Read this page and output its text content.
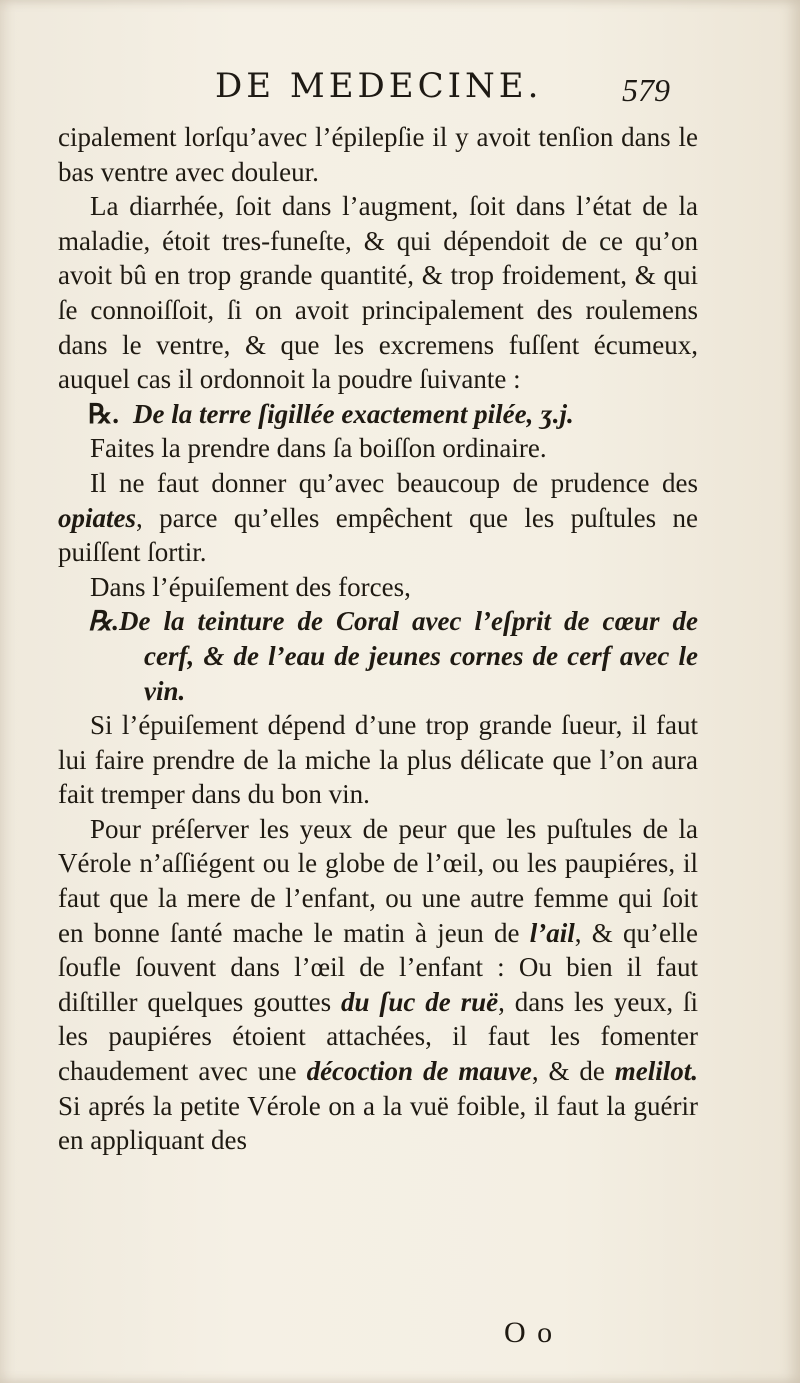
DE MEDECINE. 579

cipalement lorſqu’avec l’épilepſie il y avoit tenſion dans le bas ventre avec douleur.

La diarrhée, ſoit dans l’augment, ſoit dans l’état de la maladie, étoit tres-funeſte, & qui dépendoit de ce qu’on avoit bû en trop grande quantité, & trop froidement, & qui ſe connoiſſoit, ſi on avoit principalement des roulemens dans le ventre, & que les excremens fuſſent écumeux, auquel cas il ordonnoit la poudre ſuivante :

℞. De la terre ſigillée exactement pilée, ʒ.j.

Faites la prendre dans ſa boiſſon ordinaire.

Il ne faut donner qu’avec beaucoup de prudence des opiates, parce qu’elles empêchent que les puſtules ne puiſſent ſortir.

Dans l’épuiſement des forces,

℞.De la teinture de Coral avec l’eſprit de cœur de cerf, & de l’eau de jeunes cornes de cerf avec le vin.

Si l’épuiſement dépend d’une trop grande ſueur, il faut lui faire prendre de la miche la plus délicate que l’on aura fait tremper dans du bon vin.

Pour préſerver les yeux de peur que les puſtules de la Vérole n’aſſiégent ou le globe de l’œil, ou les paupiéres, il faut que la mere de l’enfant, ou une autre femme qui ſoit en bonne ſanté mache le matin à jeun de l’ail, & qu’elle ſoufle ſouvent dans l’œil de l’enfant : Ou bien il faut diſtiller quelques gouttes du ſuc de ruë, dans les yeux, ſi les paupiéres étoient attachées, il faut les fomenter chaudement avec une décoction de mauve, & de melilot. Si aprés la petite Vérole on a la vuë foible, il faut la guérir en appliquant des

O o
